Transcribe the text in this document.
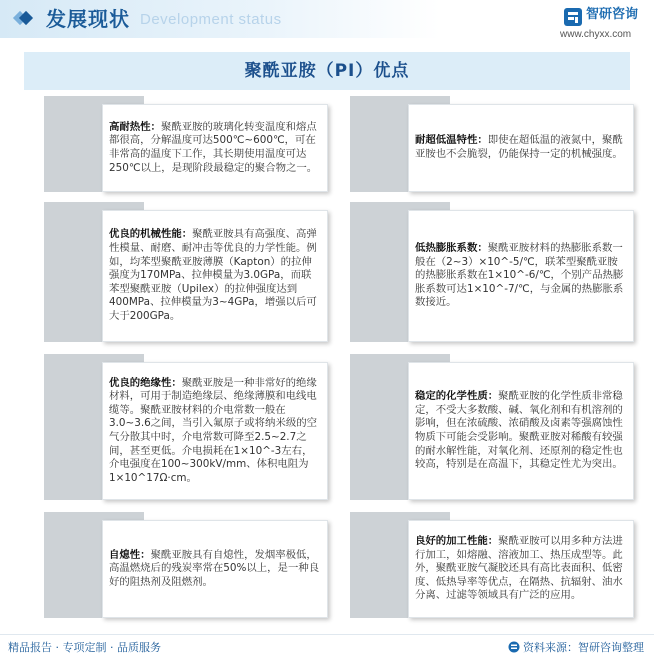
发展现状 Development status	智研咨询
www.chyxx.com
聚酰亚胺（PI）优点
高耐热性：聚酰亚胺的玻璃化转变温度和熔点都很高，分解温度可达500℃~600℃，可在非常高的温度下工作，其长期使用温度可达250℃以上，是现阶段最稳定的聚合物之一。
优良的机械性能：聚酰亚胺具有高强度、高弹性模量、耐磨、耐冲击等优良的力学性能。例如，均苯型聚酰亚胺薄膜（Kapton）的拉伸强度为170MPa、拉伸模量为3.0GPa，而联苯型聚酰亚胺（Upilex）的拉伸强度达到400MPa、拉伸模量为3~4GPa，增强以后可大于200GPa。
优良的绝缘性：聚酰亚胺是一种非常好的绝缘材料，可用于制造绝缘层、绝缘薄膜和电线电缆等。聚酰亚胺材料的介电常数一般在3.0~3.6之间，当引入氟原子或将纳米级的空气分散其中时，介电常数可降至2.5~2.7之间，甚至更低。介电损耗在1×10^-3左右，介电强度在100~300kV/mm、体积电阻为1×10^17Ω·cm。
自熄性：聚酰亚胺具有自熄性，发烟率极低，高温燃烧后的残炭率常在50%以上，是一种良好的阻热剂及阻燃剂。
耐超低温特性：即使在超低温的液氮中，聚酰亚胺也不会脆裂，仍能保持一定的机械强度。
低热膨胀系数：聚酰亚胺材料的热膨胀系数一般在（2~3）×10^-5/℃，联苯型聚酰亚胺的热膨胀系数在1×10^-6/℃，个别产品热膨胀系数可达1×10^-7/℃，与金属的热膨胀系数接近。
稳定的化学性质：聚酰亚胺的化学性质非常稳定，不受大多数酸、碱、氧化剂和有机溶剂的影响，但在浓硫酸、浓硝酸及卤素等强腐蚀性物质下可能会受影响。聚酰亚胺对稀酸有较强的耐水解性能，对氧化剂、还原剂的稳定性也较高，特别是在高温下，其稳定性尤为突出。
良好的加工性能：聚酰亚胺可以用多种方法进行加工，如熔融、溶液加工、热压成型等。此外，聚酰亚胺气凝胶还具有高比表面积、低密度、低热导率等优点，在隔热、抗辐射、油水分离、过滤等领域具有广泛的应用。
精品报告 · 专项定制 · 品质服务	资料来源：智研咨询整理
